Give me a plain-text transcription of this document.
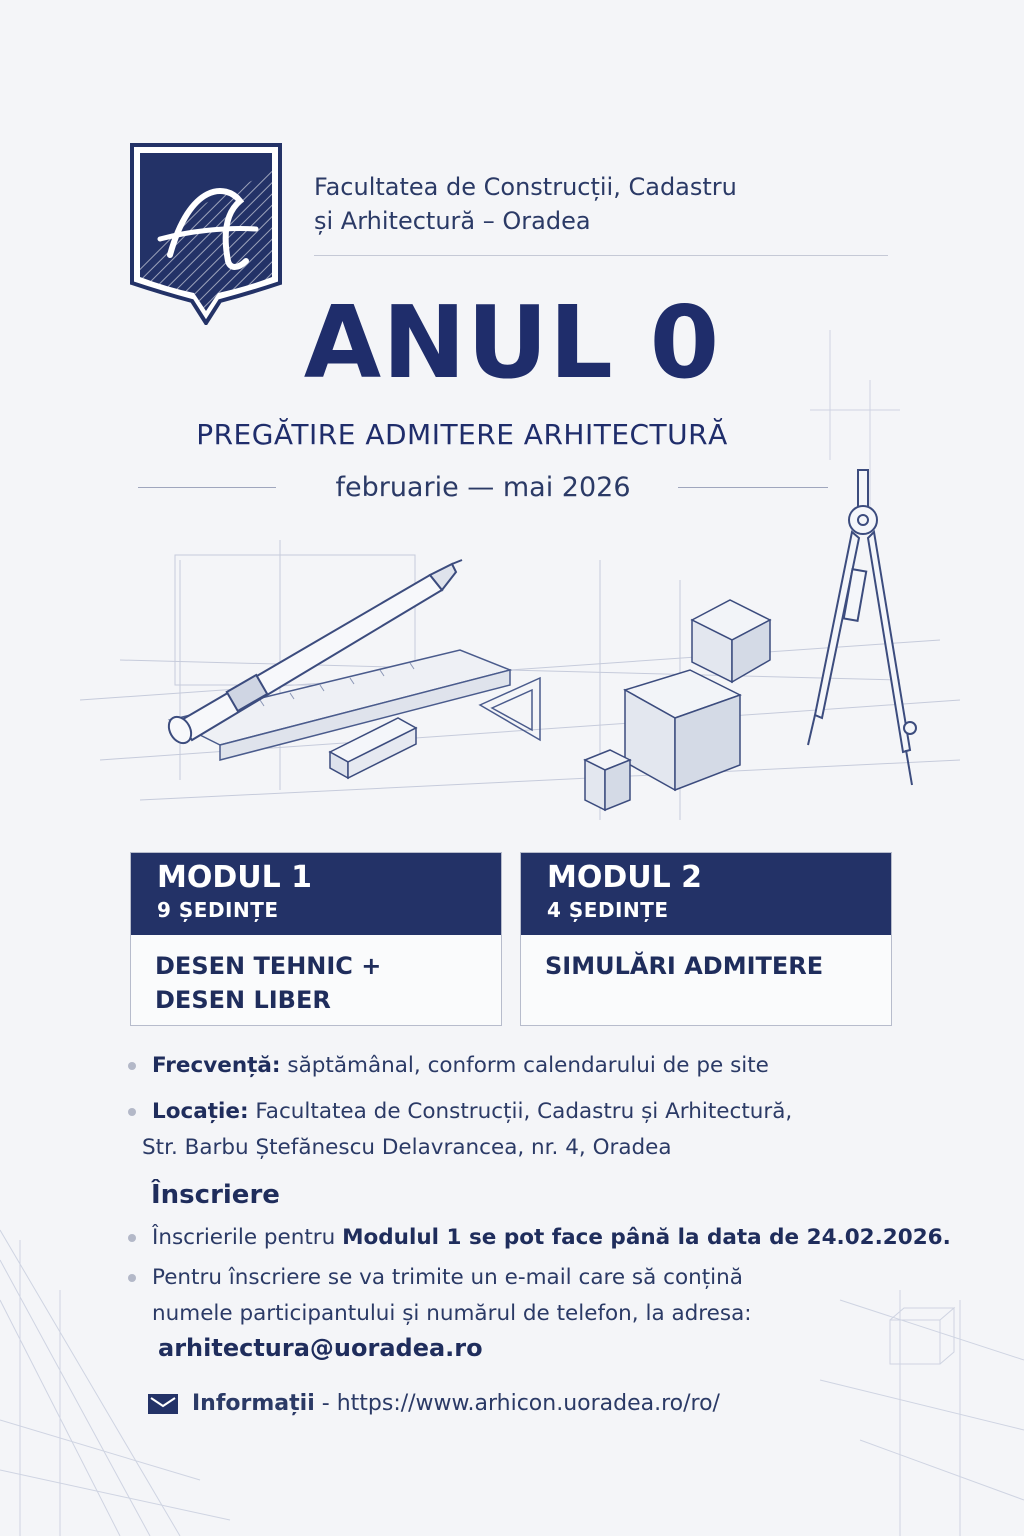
Facultatea de Construcții, Cadastru
și Arhitectură – Oradea
ANUL 0
PREGĂTIRE ADMITERE ARHITECTURĂ
februarie — mai 2026
MODUL 1
9 ȘEDINȚE
DESEN TEHNIC +
DESEN LIBER
MODUL 2
4 ȘEDINȚE
SIMULĂRI ADMITERE
Frecvență: săptămânal, conform calendarului de pe site
Locație: Facultatea de Construcții, Cadastru și Arhitectură,
Str. Barbu Ștefănescu Delavrancea, nr. 4, Oradea
Înscriere
Înscrierile pentru Modulul 1 se pot face până la data de 24.02.2026.
Pentru înscriere se va trimite un e-mail care să conțină
numele participantului și numărul de telefon, la adresa:
arhitectura@uoradea.ro
Informații - https://www.arhicon.uoradea.ro/ro/
